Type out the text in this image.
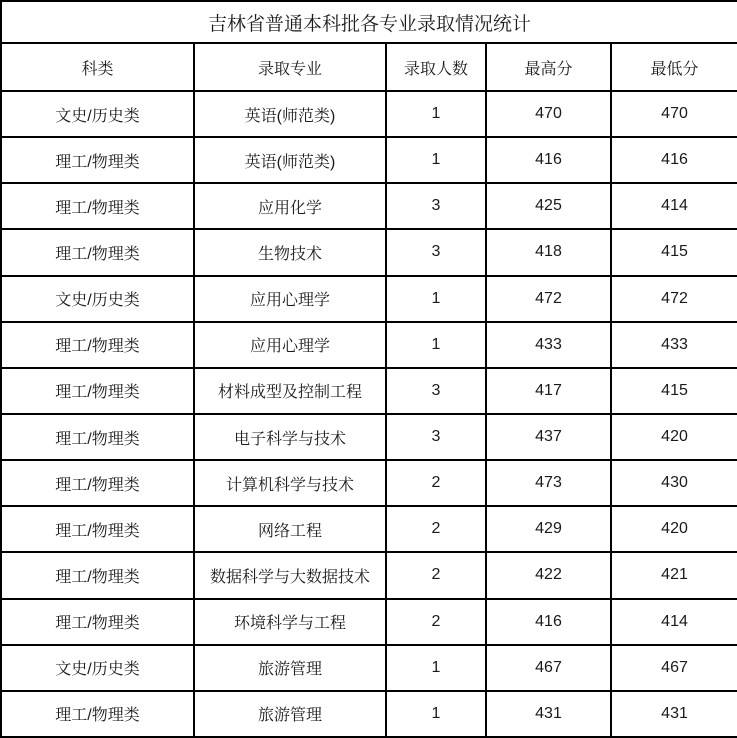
吉林省普通本科批各专业录取情况统计				
科类	录取专业	录取人数	最高分	最低分
文史/历史类	英语(师范类)	1	470	470
理工/物理类	英语(师范类)	1	416	416
理工/物理类	应用化学	3	425	414
理工/物理类	生物技术	3	418	415
文史/历史类	应用心理学	1	472	472
理工/物理类	应用心理学	1	433	433
理工/物理类	材料成型及控制工程	3	417	415
理工/物理类	电子科学与技术	3	437	420
理工/物理类	计算机科学与技术	2	473	430
理工/物理类	网络工程	2	429	420
理工/物理类	数据科学与大数据技术	2	422	421
理工/物理类	环境科学与工程	2	416	414
文史/历史类	旅游管理	1	467	467
理工/物理类	旅游管理	1	431	431
